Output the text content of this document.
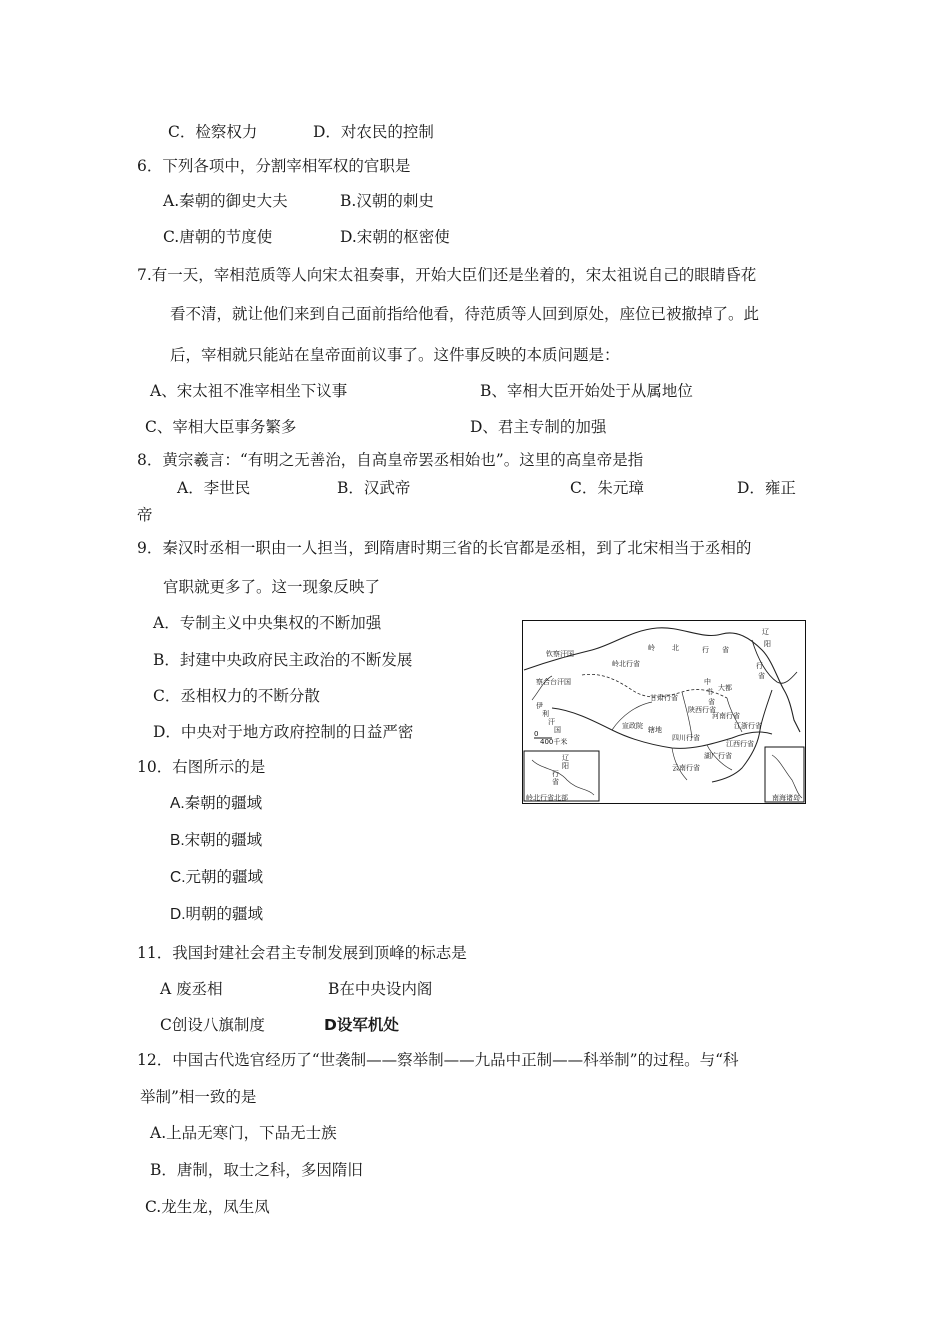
C．检察权力	D．对农民的控制
6．下列各项中，分割宰相军权的官职是
A.秦朝的御史大夫	B.汉朝的刺史
C.唐朝的节度使	D.宋朝的枢密使
7.有一天，宰相范质等人向宋太祖奏事，开始大臣们还是坐着的，宋太祖说自己的眼睛昏花
看不清，就让他们来到自己面前指给他看，待范质等人回到原处，座位已被撤掉了。此
后，宰相就只能站在皇帝面前议事了。这件事反映的本质问题是：
A、宋太祖不准宰相坐下议事	B、宰相大臣开始处于从属地位
C、宰相大臣事务繁多	D、君主专制的加强
8．黄宗羲言：“有明之无善治，自高皇帝罢丞相始也”。这里的高皇帝是指
A．李世民	B．汉武帝	C．朱元璋	D．雍正
帝
9．秦汉时丞相一职由一人担当，到隋唐时期三省的长官都是丞相，到了北宋相当于丞相的
官职就更多了。这一现象反映了
A．专制主义中央集权的不断加强
B．封建中央政府民主政治的不断发展
C．丞相权力的不断分散
D．中央对于地方政府控制的日益严密
10．右图所示的是
A.秦朝的疆域
B.宋朝的疆域
C.元朝的疆域
D.明朝的疆域
11．我国封建社会君主专制发展到顶峰的标志是
A 废丞相	B在中央设内阁
C创设八旗制度	D设军机处
12．中国古代选官经历了“世袭制——察举制——九品中正制——科举制”的过程。与“科
举制”相一致的是
A.上品无寒门，下品无士族
B．唐制，取士之科，多因隋旧
C.龙生龙，凤生凤
钦察汗国
察合台汗国
伊
利
汗
国
岭 北	行 省
辽
阳
行
省
中
书
省
大都
宣政院 辖地
甘肃行省
云南行省
江浙行省
湖广行省
四川行省
江西行省
河南行省
陕西行省
岭北行省
0
400千米
辽
阳
行
省
岭北行省北部	南海诸岛
